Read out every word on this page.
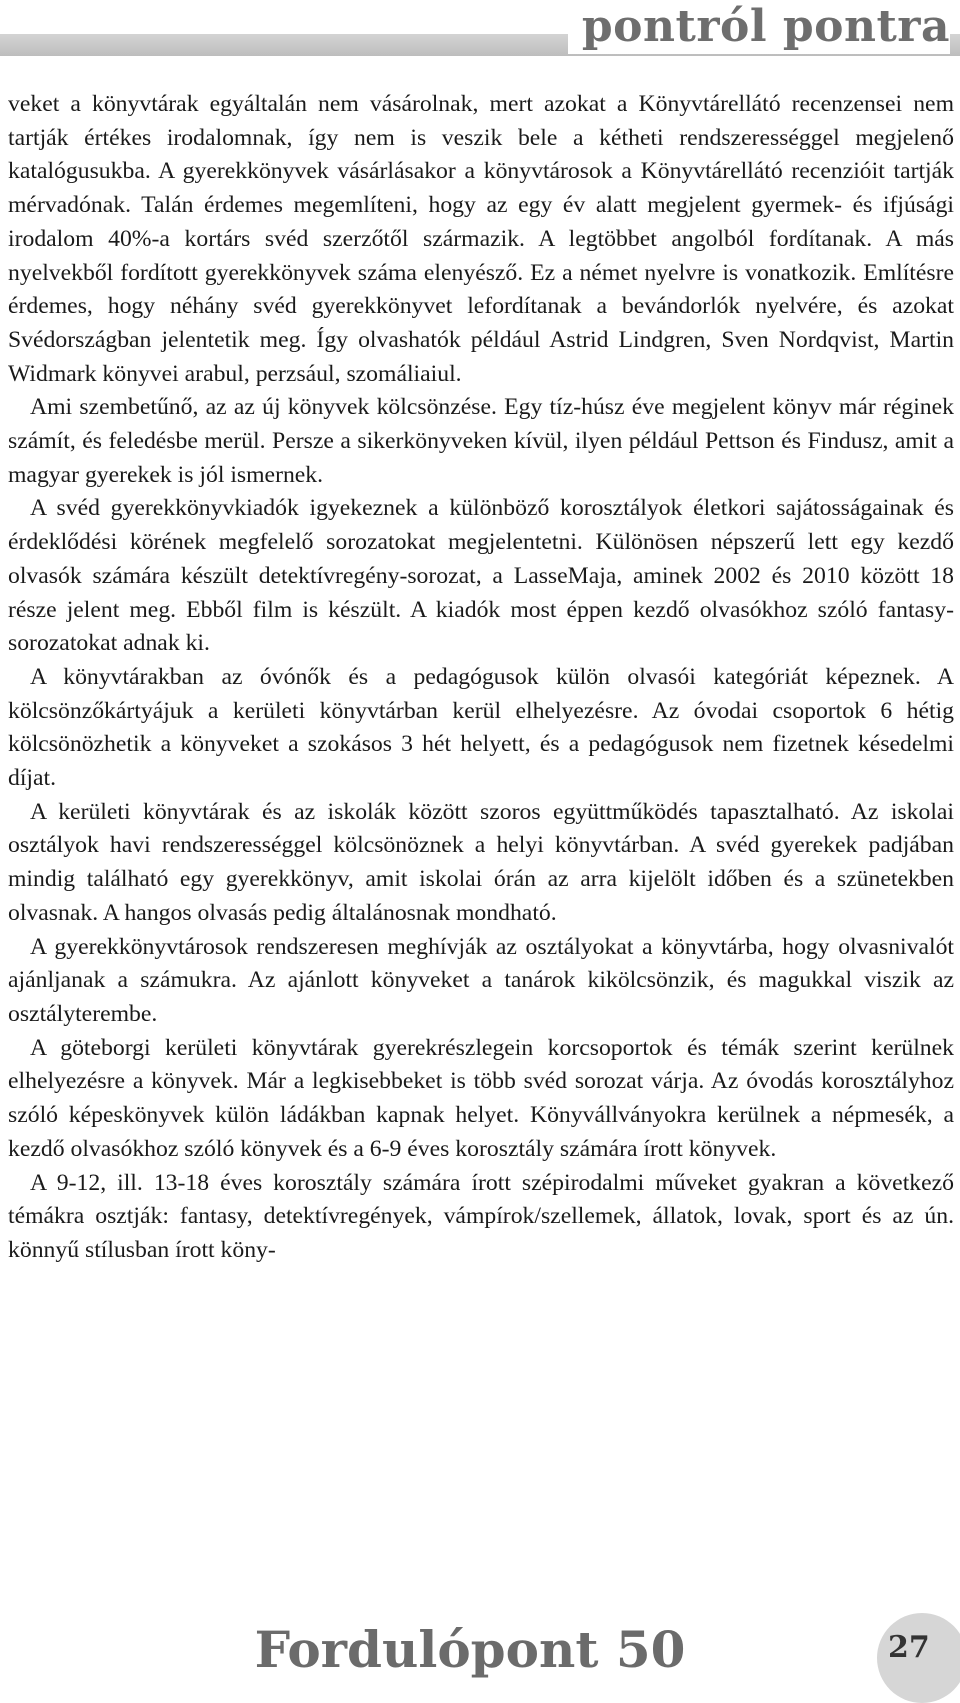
pontról pontra

veket a könyvtárak egyáltalán nem vásárolnak, mert azokat a Könyvtárellátó recenzensei nem tartják értékes irodalomnak, így nem is veszik bele a kétheti rendszerességgel megjelenő katalógusukba. A gyerekkönyvek vásárlásakor a könyvtárosok a Könyvtárellátó recenzióit tartják mérvadónak. Talán érdemes megemlíteni, hogy az egy év alatt megjelent gyermek- és ifjúsági irodalom 40%-a kortárs svéd szerzőtől származik. A legtöbbet angolból fordítanak. A más nyelvekből fordított gyerekkönyvek száma elenyésző. Ez a német nyelvre is vonatkozik. Említésre érdemes, hogy néhány svéd gyerekkönyvet lefordítanak a bevándorlók nyelvére, és azokat Svédországban jelentetik meg. Így olvashatók például Astrid Lindgren, Sven Nordqvist, Martin Widmark könyvei arabul, perzsául, szomáliaiul.

Ami szembetűnő, az az új könyvek kölcsönzése. Egy tíz-húsz éve megjelent könyv már réginek számít, és feledésbe merül. Persze a sikerkönyveken kívül, ilyen például Pettson és Findusz, amit a magyar gyerekek is jól ismernek.

A svéd gyerekkönyvkiadók igyekeznek a különböző korosztályok életkori sajátosságainak és érdeklődési körének megfelelő sorozatokat megjelentetni. Különösen népszerű lett egy kezdő olvasók számára készült detektívregény-sorozat, a LasseMaja, aminek 2002 és 2010 között 18 része jelent meg. Ebből film is készült. A kiadók most éppen kezdő olvasókhoz szóló fantasy-sorozatokat adnak ki.

A könyvtárakban az óvónők és a pedagógusok külön olvasói kategóriát képeznek. A kölcsönzőkártyájuk a kerületi könyvtárban kerül elhelyezésre. Az óvodai csoportok 6 hétig kölcsönözhetik a könyveket a szokásos 3 hét helyett, és a pedagógusok nem fizetnek késedelmi díjat.

A kerületi könyvtárak és az iskolák között szoros együttműködés tapasztalható. Az iskolai osztályok havi rendszerességgel kölcsönöznek a helyi könyvtárban. A svéd gyerekek padjában mindig található egy gyerekkönyv, amit iskolai órán az arra kijelölt időben és a szünetekben olvasnak. A hangos olvasás pedig általánosnak mondható.

A gyerekkönyvtárosok rendszeresen meghívják az osztályokat a könyvtárba, hogy olvasnivalót ajánljanak a számukra. Az ajánlott könyveket a tanárok kikölcsönzik, és magukkal viszik az osztályterembe.

A göteborgi kerületi könyvtárak gyerekrészlegein korcsoportok és témák szerint kerülnek elhelyezésre a könyvek. Már a legkisebbeket is több svéd sorozat várja. Az óvodás korosztályhoz szóló képeskönyvek külön ládákban kapnak helyet. Könyvállványokra kerülnek a népmesék, a kezdő olvasókhoz szóló könyvek és a 6-9 éves korosztály számára írott könyvek.

A 9-12, ill. 13-18 éves korosztály számára írott szépirodalmi műveket gyakran a következő témákra osztják: fantasy, detektívregények, vámpírok/szellemek, állatok, lovak, sport és az ún. könnyű stílusban írott köny-

Fordulópont 50	27
